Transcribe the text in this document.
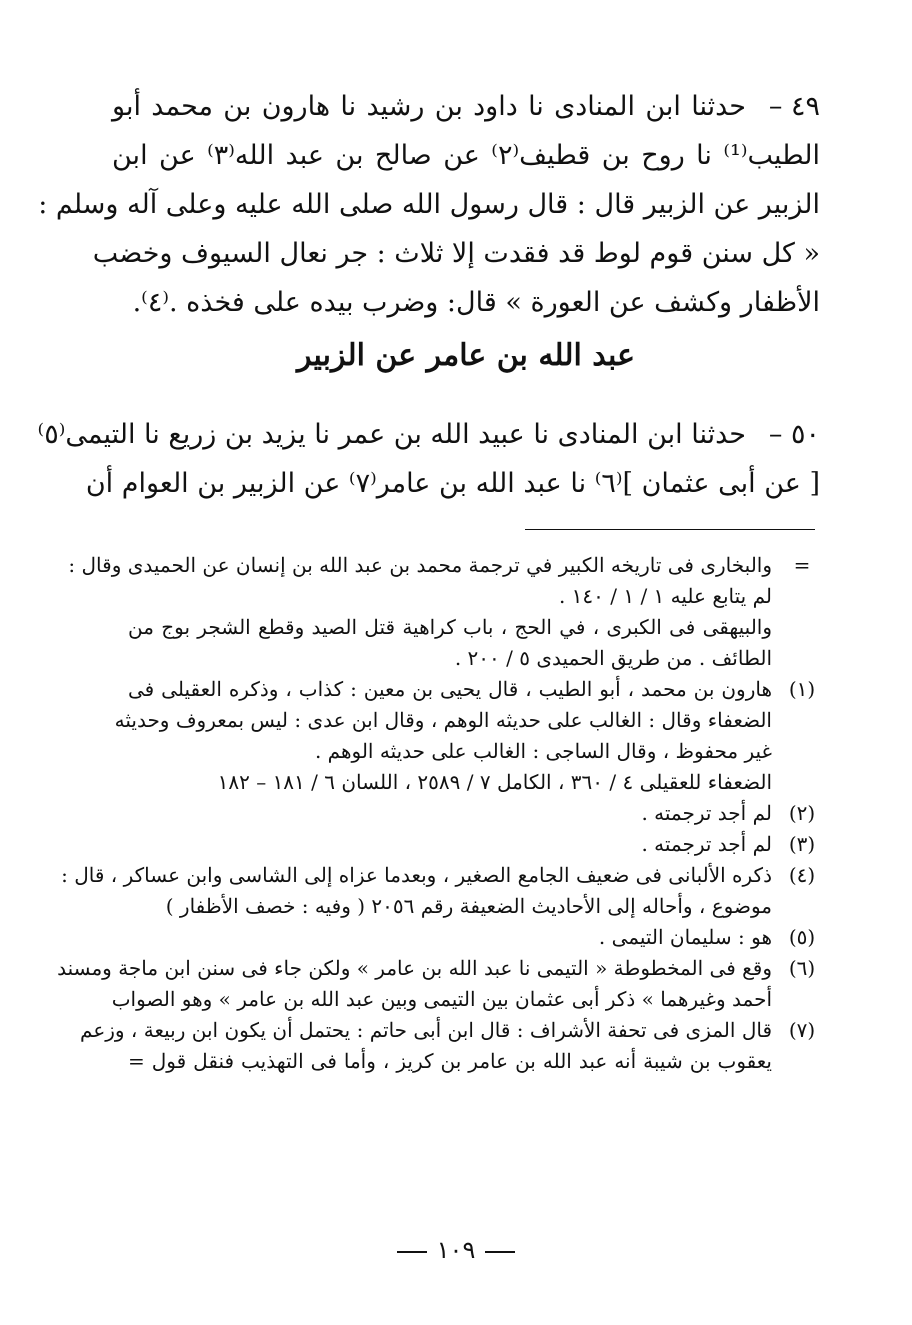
٤٩ –
حدثنا ابن المنادى نا داود بن رشيد نا هارون بن محمد أبو
الطيب⁽¹⁾ نا روح بن قطيف⁽٢⁾ عن صالح بن عبد الله⁽٣⁾ عن ابن
الزبير عن الزبير قال : قال رسول الله صلى الله عليه وعلى آله وسلم :
« كل سنن قوم لوط قد فقدت إلا ثلاث : جر نعال السيوف وخضب
الأظفار وكشف عن العورة » قال: وضرب بيده على فخذه .⁽٤⁾.
عبد الله بن عامر عن الزبير
٥٠ –
حدثنا ابن المنادى نا عبيد الله بن عمر نا يزيد بن زريع نا التيمى⁽٥⁾
[ عن أبى عثمان ]⁽٦⁾ نا عبد الله بن عامر⁽٧⁾ عن الزبير بن العوام أن
=
والبخارى فى تاريخه الكبير في ترجمة محمد بن عبد الله بن إنسان عن الحميدى وقال :
لم يتابع عليه ١ / ١ / ١٤٠ .
والبيهقى فى الكبرى ، في الحج ، باب كراهية قتل الصيد وقطع الشجر بوج من
الطائف . من طريق الحميدى ٥ / ٢٠٠ .
(١)
هارون بن محمد ، أبو الطيب ، قال يحيى بن معين : كذاب ، وذكره العقيلى فى
الضعفاء وقال : الغالب على حديثه الوهم ، وقال ابن عدى : ليس بمعروف وحديثه
غير محفوظ ، وقال الساجى : الغالب على حديثه الوهم .
الضعفاء للعقيلى ٤ / ٣٦٠ ، الكامل ٧ / ٢٥٨٩ ، اللسان ٦ / ١٨١ – ١٨٢
(٢)
لم أجد ترجمته .
(٣)
لم أجد ترجمته .
(٤)
ذكره الألبانى فى ضعيف الجامع الصغير ، وبعدما عزاه إلى الشاسى وابن عساكر ، قال :
موضوع ، وأحاله إلى الأحاديث الضعيفة رقم ٢٠٥٦ ( وفيه : خصف الأظفار )
(٥)
هو : سليمان التيمى .
(٦)
وقع فى المخطوطة « التيمى نا عبد الله بن عامر » ولكن جاء فى سنن ابن ماجة ومسند
أحمد وغيرهما » ذكر أبى عثمان بين التيمى وبين عبد الله بن عامر » وهو الصواب
(٧)
قال المزى فى تحفة الأشراف : قال ابن أبى حاتم : يحتمل أن يكون ابن ربيعة ، وزعم
يعقوب بن شيبة أنه عبد الله بن عامر بن كريز ، وأما فى التهذيب فنقل قول =
١٠٩
